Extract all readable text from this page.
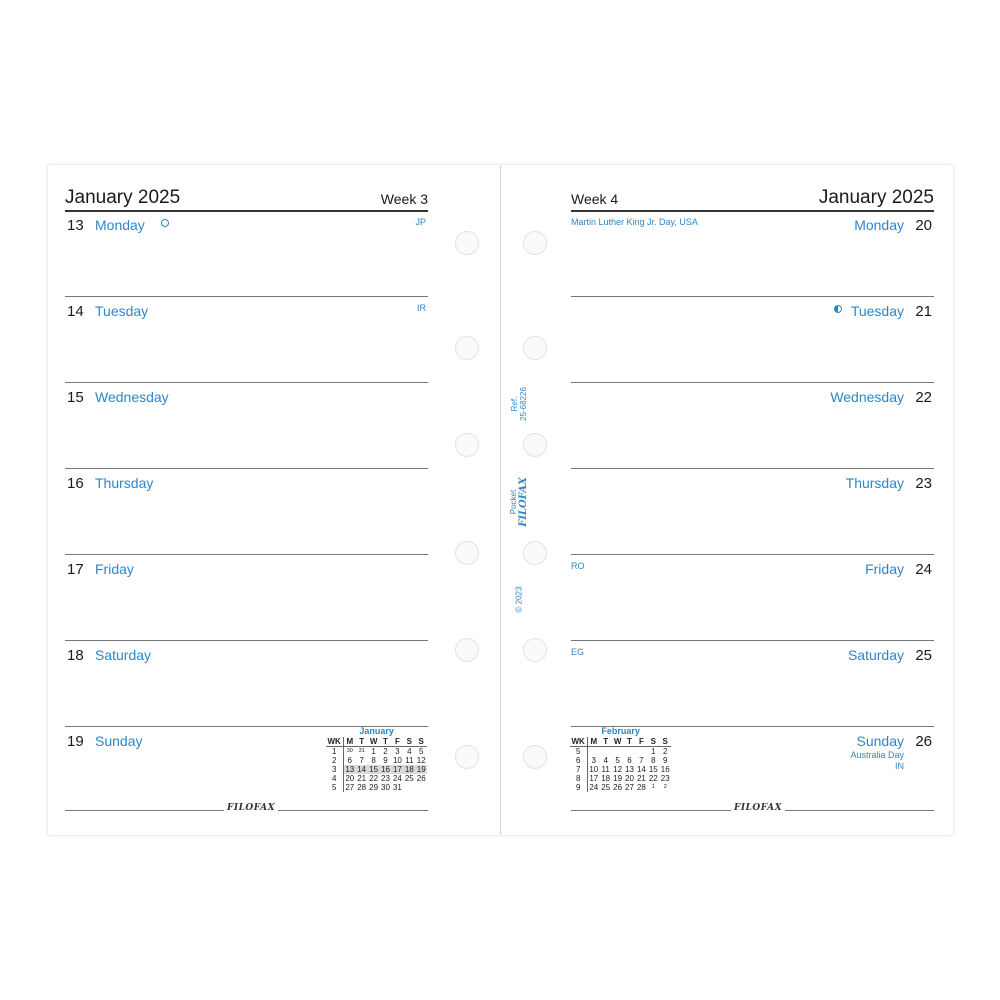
January 2025	Week 3
13 Monday	JP
14 Tuesday	IR
15 Wednesday
16 Thursday
17 Friday
18 Saturday
19 Sunday
January
WK	M	T	W	T	F	S	S
1	30	31	1	2	3	4	5
2	6	7	8	9	10	11	12
3	13	14	15	16	17	18	19
4	20	21	22	23	24	25	26
5	27	28	29	30	31		
FILOFAX
Week 4	January 2025
Martin Luther King Jr. Day, USA	Monday 20
Tuesday 21
Wednesday 22
Thursday 23
RO	Friday 24
EG	Saturday 25
Sunday 26
Australia Day
IN
February
WK	M	T	W	T	F	S	S
5						1	2
6	3	4	5	6	7	8	9
7	10	11	12	13	14	15	16
8	17	18	19	20	21	22	23
9	24	25	26	27	28	1	2
FILOFAX
Ref. 25-68226
Pocket FILOFAX
© 2023
